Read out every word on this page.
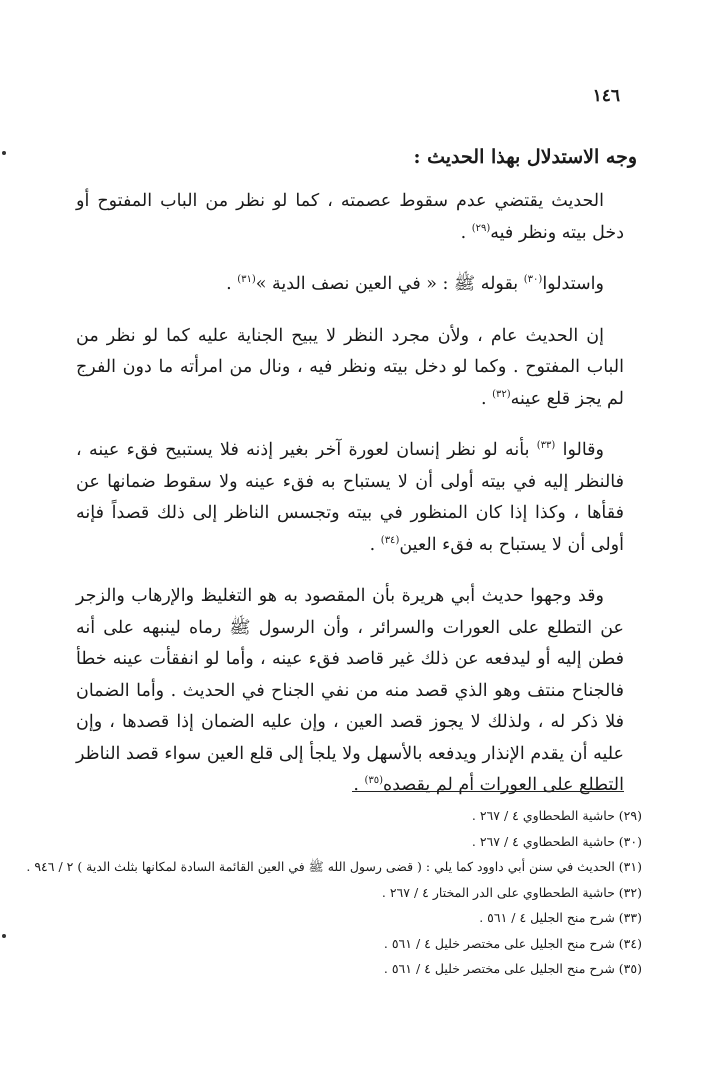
١٤٦
وجه الاستدلال بهذا الحديث :

الحديث يقتضي عدم سقوط عصمته ، كما لو نظر من الباب المفتوح أو دخل بيته ونظر فيه$^{(٢٩)}$ .

واستدلوا$^{(٣٠)}$ بقوله ﷺ : « في العين نصف الدية »$^{(٣١)}$ .

إن الحديث عام ، ولأن مجرد النظر لا يبيح الجناية عليه كما لو نظر من الباب المفتوح . وكما لو دخل بيته ونظر فيه ، ونال من امرأته ما دون الفرج لم يجز قلع عينه$^{(٣٢)}$ .

وقالوا $^{(٣٣)}$ بأنه لو نظر إنسان لعورة آخر بغير إذنه فلا يستبيح فقء عينه ، فالنظر إليه في بيته أولى أن لا يستباح به فقء عينه ولا سقوط ضمانها عن فقأها ، وكذا إذا كان المنظور في بيته وتجسس الناظر إلى ذلك قصداً فإنه أولى أن لا يستباح به فقء العين$^{(٣٤)}$ .

وقد وجهوا حديث أبي هريرة بأن المقصود به هو التغليظ والإرهاب والزجر عن التطلع على العورات والسرائر ، وأن الرسول ﷺ رماه لينبهه على أنه فطن إليه أو ليدفعه عن ذلك غير قاصد فقء عينه ، وأما لو انفقأت عينه خطأ فالجناح منتف وهو الذي قصد منه من نفي الجناح في الحديث . وأما الضمان فلا ذكر له ، ولذلك لا يجوز قصد العين ، وإن عليه الضمان إذا قصدها ، وإن عليه أن يقدم الإنذار ويدفعه بالأسهل ولا يلجأ إلى قلع العين سواء قصد الناظر التطلع على العورات أم لم يقصده$^{(٣٥)}$ .

(٢٩) حاشية الطحطاوي ٤ / ٢٦٧ .
(٣٠) حاشية الطحطاوي ٤ / ٢٦٧ .
(٣١) الحديث في سنن أبي داوود كما يلي : ( قضى رسول الله ﷺ في العين القائمة السادة لمكانها بثلث الدية ) ٢ / ٩٤٦ .
(٣٢) حاشية الطحطاوي على الدر المختار ٤ / ٢٦٧ .
(٣٣) شرح منح الجليل ٤ / ٥٦١ .
(٣٤) شرح منح الجليل على مختصر خليل ٤ / ٥٦١ .
(٣٥) شرح منح الجليل على مختصر خليل ٤ / ٥٦١ .
